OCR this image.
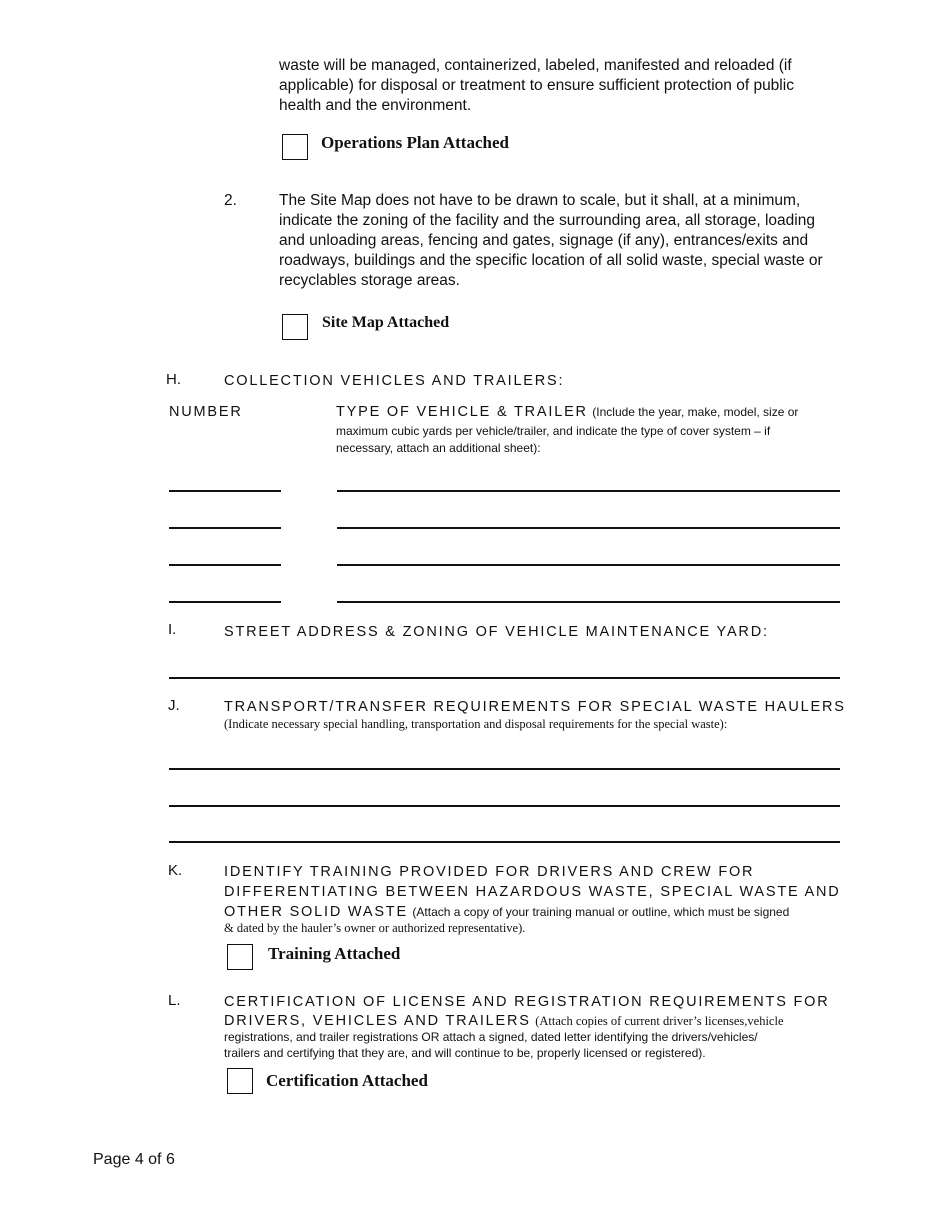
waste will be managed, containerized, labeled, manifested and reloaded (if applicable) for disposal or treatment to ensure sufficient protection of public health and the environment.
Operations Plan Attached
2.	The Site Map does not have to be drawn to scale, but it shall, at a minimum, indicate the zoning of the facility and the surrounding area, all storage, loading and unloading areas, fencing and gates, signage (if any), entrances/exits and roadways, buildings and the specific location of all solid waste, special waste or recyclables storage areas.
Site Map Attached
H.	COLLECTION VEHICLES AND TRAILERS:
NUMBER	TYPE OF VEHICLE & TRAILER (Include the year, make, model, size or maximum cubic yards per vehicle/trailer, and indicate the type of cover system – if necessary, attach an additional sheet):
I.	STREET ADDRESS & ZONING OF VEHICLE MAINTENANCE YARD:
J.	TRANSPORT/TRANSFER REQUIREMENTS FOR SPECIAL WASTE HAULERS
(Indicate necessary special handling, transportation and disposal requirements for the special waste):
K.	IDENTIFY TRAINING PROVIDED FOR DRIVERS AND CREW FOR
DIFFERENTIATING BETWEEN HAZARDOUS WASTE, SPECIAL WASTE AND
OTHER SOLID WASTE (Attach a copy of your training manual or outline, which must be signed
& dated by the hauler’s owner or authorized representative).
Training Attached
L.	CERTIFICATION OF LICENSE AND REGISTRATION REQUIREMENTS FOR
DRIVERS, VEHICLES AND TRAILERS (Attach copies of current driver’s licenses,vehicle
registrations, and trailer registrations OR attach a signed, dated letter identifying the drivers/vehicles/
trailers and certifying that they are, and will continue to be, properly licensed or registered).
Certification Attached
Page 4 of 6
